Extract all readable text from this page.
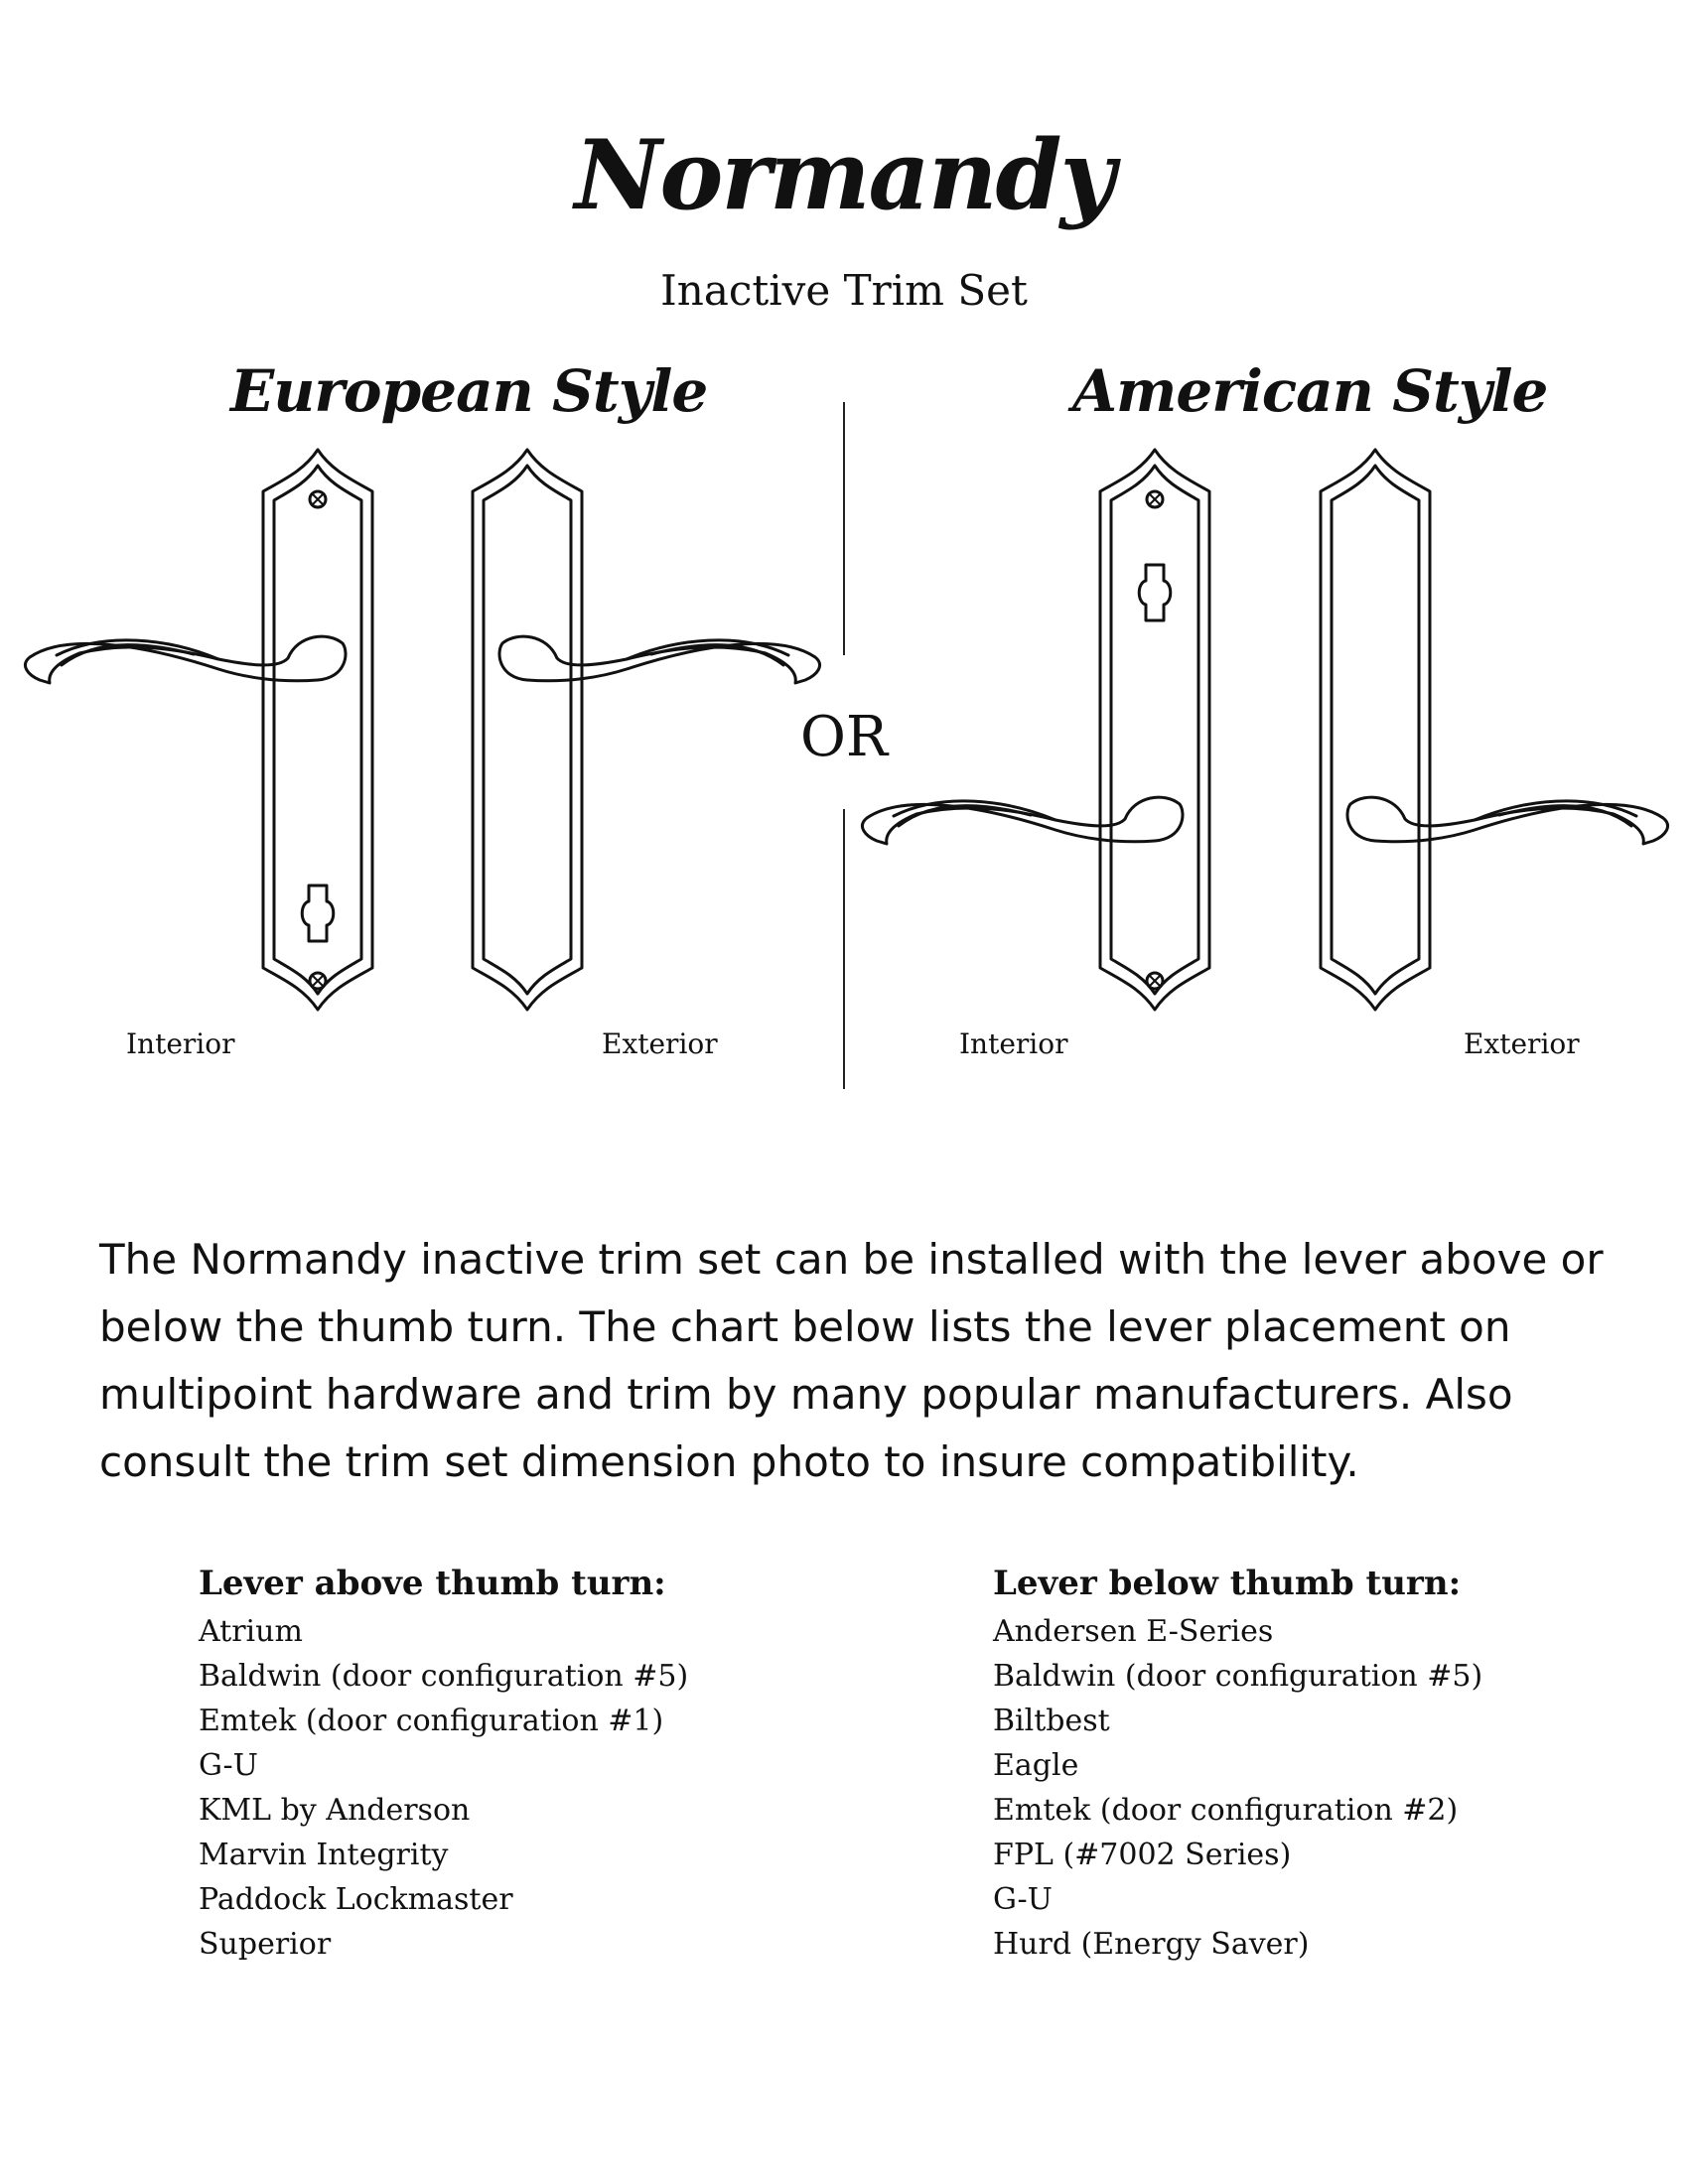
Normandy
Inactive Trim Set
European Style	American Style
OR
Interior	Exterior	Interior	Exterior

The Normandy inactive trim set can be installed with the lever above or below the thumb turn. The chart below lists the lever placement on multipoint hardware and trim by many popular manufacturers. Also consult the trim set dimension photo to insure compatibility.

Lever above thumb turn:
Atrium
Baldwin (door configuration #5)
Emtek (door configuration #1)
G-U
KML by Anderson
Marvin Integrity
Paddock Lockmaster
Superior
Lever below thumb turn:
Andersen E-Series
Baldwin (door configuration #5)
Biltbest
Eagle
Emtek (door configuration #2)
FPL (#7002 Series)
G-U
Hurd (Energy Saver)
